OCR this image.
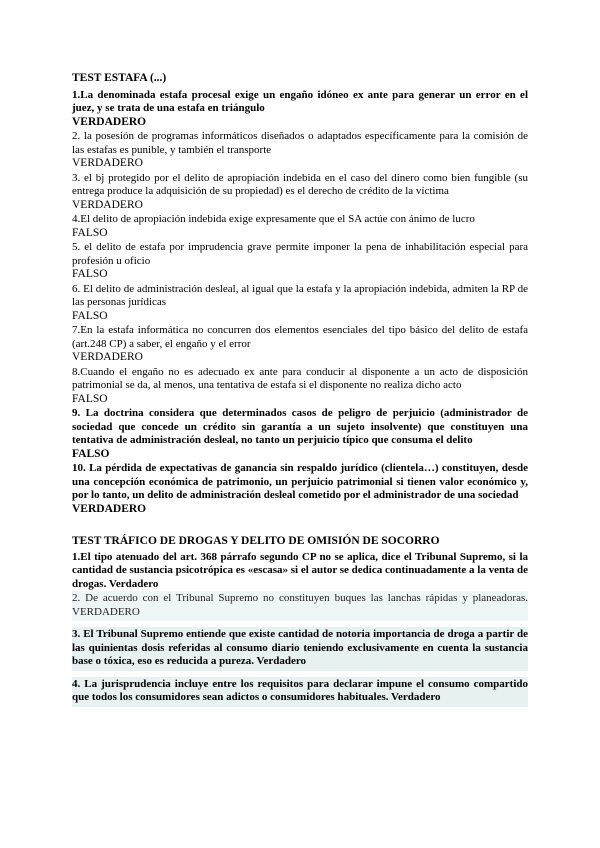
TEST ESTAFA (...)

1.La denominada estafa procesal exige un engaño idóneo ex ante para generar un error en el juez, y se trata de una estafa en triángulo

VERDADERO

2. la posesión de programas informáticos diseñados o adaptados específicamente para la comisión de las estafas es punible, y también el transporte

VERDADERO

3. el bj protegido por el delito de apropiación indebida en el caso del dinero como bien fungible (su entrega produce la adquisición de su propiedad) es el derecho de crédito de la víctima

VERDADERO

4.El delito de apropiación indebida exige expresamente que el SA actúe con ánimo de lucro

FALSO

5. el delito de estafa por imprudencia grave permite imponer la pena de inhabilitación especial para profesión u oficio

FALSO

6. El delito de administración desleal, al igual que la estafa y la apropiación indebida, admiten la RP de las personas jurídicas

FALSO

7.En la estafa informática no concurren dos elementos esenciales del tipo básico del delito de estafa (art.248 CP) a saber, el engaño y el error

VERDADERO

8.Cuando el engaño no es adecuado ex ante para conducir al disponente a un acto de disposición patrimonial se da, al menos, una tentativa de estafa si el disponente no realiza dicho acto

FALSO

9. La doctrina considera que determinados casos de peligro de perjuicio (administrador de sociedad que concede un crédito sin garantía a un sujeto insolvente) que constituyen una tentativa de administración desleal, no tanto un perjuicio típico que consuma el delito

FALSO

10. La pérdida de expectativas de ganancia sin respaldo jurídico (clientela…) constituyen, desde una concepción económica de patrimonio, un perjuicio patrimonial si tienen valor económico y, por lo tanto, un delito de administración desleal cometido por el administrador de una sociedad

VERDADERO
TEST TRÁFICO DE DROGAS Y DELITO DE OMISIÓN DE SOCORRO

1.El tipo atenuado del art. 368 párrafo segundo CP no se aplica, dice el Tribunal Supremo, si la cantidad de sustancia psicotrópica es «escasa» si el autor se dedica continuadamente a la venta de drogas. Verdadero

2. De acuerdo con el Tribunal Supremo no constituyen buques las lanchas rápidas y planeadoras. VERDADERO

3. El Tribunal Supremo entiende que existe cantidad de notoria importancia de droga a partir de las quinientas dosis referidas al consumo diario teniendo exclusivamente en cuenta la sustancia base o tóxica, eso es reducida a pureza. Verdadero

4. La jurisprudencia incluye entre los requisitos para declarar impune el consumo compartido que todos los consumidores sean adictos o consumidores habituales. Verdadero
